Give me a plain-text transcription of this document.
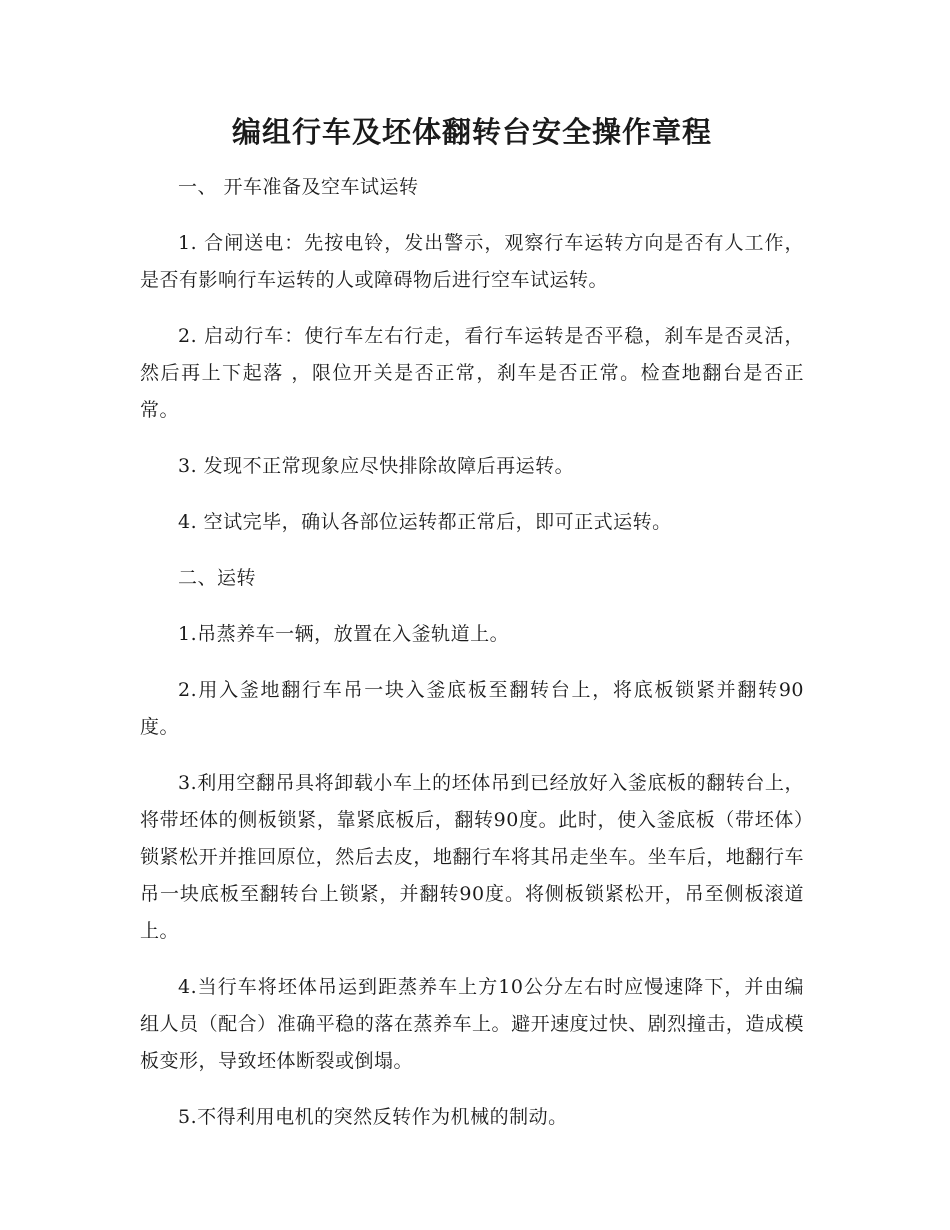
编组行车及坯体翻转台安全操作章程

一、 开车准备及空车试运转

1. 合闸送电：先按电铃，发出警示，观察行车运转方向是否有人工作，是否有影响行车运转的人或障碍物后进行空车试运转。

2. 启动行车：使行车左右行走，看行车运转是否平稳，刹车是否灵活，然后再上下起落 ，限位开关是否正常，刹车是否正常。检查地翻台是否正常。

3. 发现不正常现象应尽快排除故障后再运转。

4. 空试完毕，确认各部位运转都正常后，即可正式运转。

二、运转

1.吊蒸养车一辆，放置在入釜轨道上。

2.用入釜地翻行车吊一块入釜底板至翻转台上，将底板锁紧并翻转90度。

3.利用空翻吊具将卸载小车上的坯体吊到已经放好入釜底板的翻转台上，将带坯体的侧板锁紧，靠紧底板后，翻转90度。此时，使入釜底板（带坯体）锁紧松开并推回原位，然后去皮，地翻行车将其吊走坐车。坐车后，地翻行车吊一块底板至翻转台上锁紧，并翻转90度。将侧板锁紧松开，吊至侧板滚道上。

4.当行车将坯体吊运到距蒸养车上方10公分左右时应慢速降下，并由编组人员（配合）准确平稳的落在蒸养车上。避开速度过快、剧烈撞击，造成模板变形，导致坯体断裂或倒塌。

5.不得利用电机的突然反转作为机械的制动。
